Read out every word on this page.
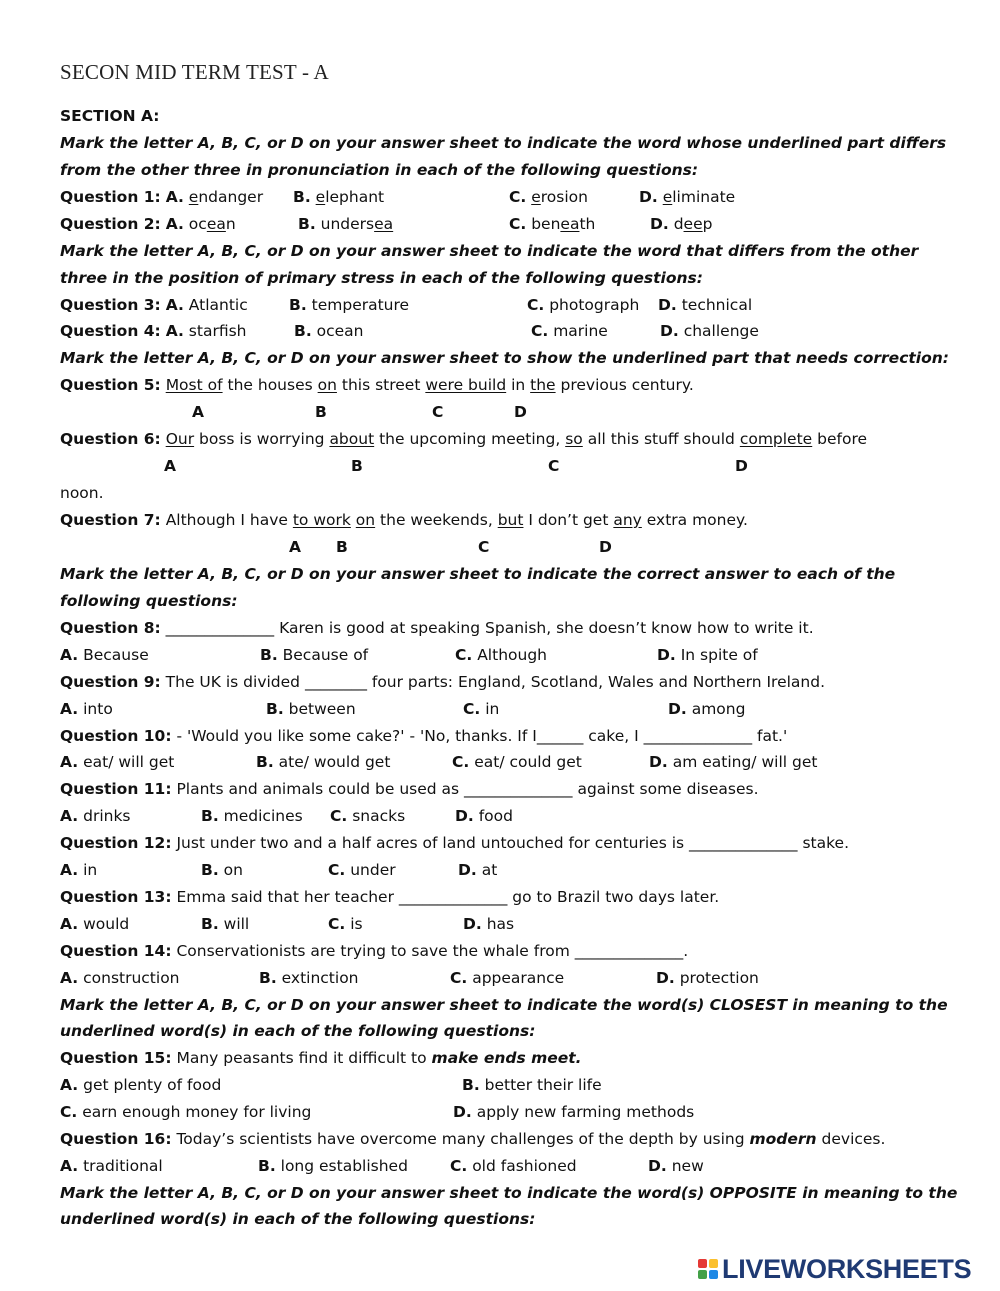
SECON MID TERM TEST - A
SECTION A:
Mark the letter A, B, C, or D on your answer sheet to indicate the word whose underlined part differs
from the other three in pronunciation in each of the following questions:
Question 1: A. endanger B. elephant	C. erosion	D. eliminate
Question 2: A. ocean	B. undersea	C. beneath	D. deep
Mark the letter A, B, C, or D on your answer sheet to indicate the word that differs from the other
three in the position of primary stress in each of the following questions:
Question 3: A. Atlantic	B. temperature	C. photograph D. technical
Question 4: A. starfish	B. ocean	C. marine	D. challenge
Mark the letter A, B, C, or D on your answer sheet to show the underlined part that needs correction:
Question 5: Most of the houses on this street were build in the previous century.
A	B	C	D
Question 6: Our boss is worrying about the upcoming meeting, so all this stuff should complete before
A	B	C	D
noon.
Question 7: Although I have to work on the weekends, but I don’t get any extra money.
A B	C	D
Mark the letter A, B, C, or D on your answer sheet to indicate the correct answer to each of the
following questions:
Question 8: ______________ Karen is good at speaking Spanish, she doesn’t know how to write it.
A. Because	B. Because of	C. Although	D. In spite of
Question 9: The UK is divided ________ four parts: England, Scotland, Wales and Northern Ireland.
A. into	B. between	C. in	D. among
Question 10: - 'Would you like some cake?' - 'No, thanks. If I______ cake, I ______________ fat.'
A. eat/ will get	B. ate/ would get	C. eat/ could get	D. am eating/ will get
Question 11: Plants and animals could be used as ______________ against some diseases.
A. drinks	B. medicines C. snacks	D. food
Question 12: Just under two and a half acres of land untouched for centuries is ______________ stake.
A. in	B. on	C. under	D. at
Question 13: Emma said that her teacher ______________ go to Brazil two days later.
A. would	B. will	C. is	D. has
Question 14: Conservationists are trying to save the whale from ______________.
A. construction	B. extinction	C. appearance	D. protection
Mark the letter A, B, C, or D on your answer sheet to indicate the word(s) CLOSEST in meaning to the
underlined word(s) in each of the following questions:
Question 15: Many peasants find it difficult to make ends meet.
A. get plenty of food	B. better their life
C. earn enough money for living	D. apply new farming methods
Question 16: Today’s scientists have overcome many challenges of the depth by using modern devices.
A. traditional	B. long established	C. old fashioned	D. new
Mark the letter A, B, C, or D on your answer sheet to indicate the word(s) OPPOSITE in meaning to the
underlined word(s) in each of the following questions:
LIVEWORKSHEETS
